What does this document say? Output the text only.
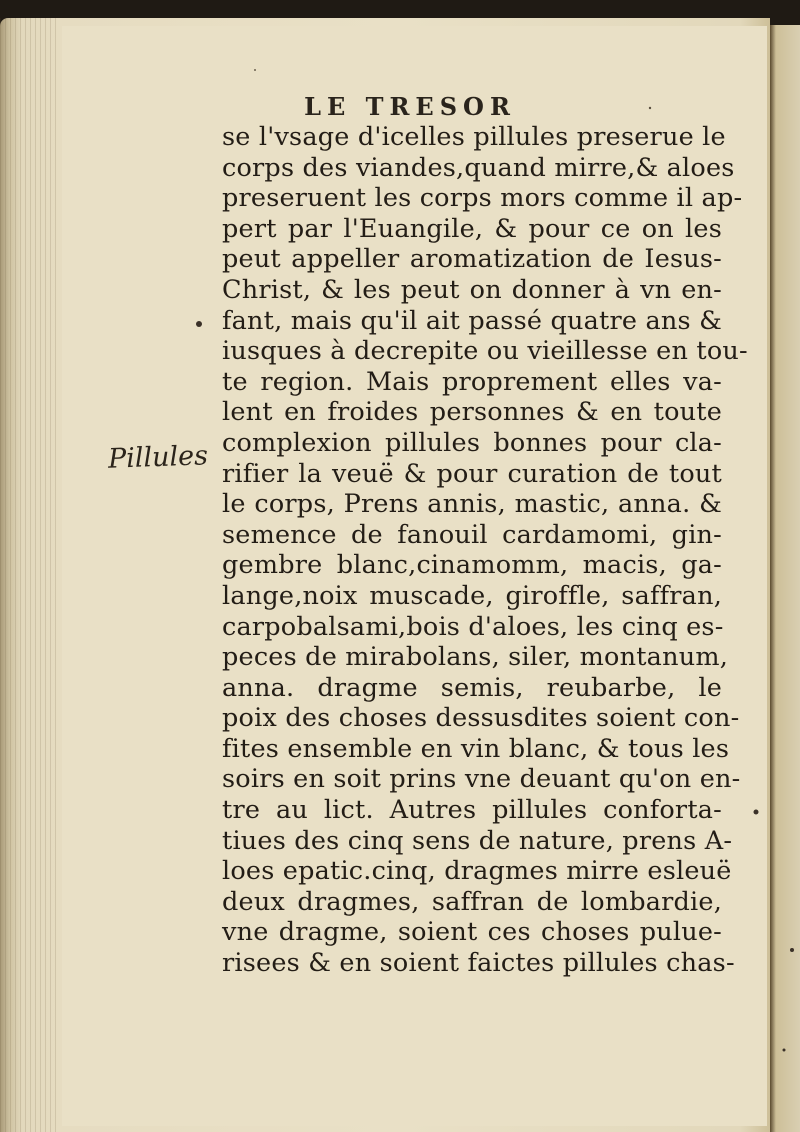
LE TRESOR
Pillules
se l'vsage d'icelles pillules preserue le
corps des viandes,quand mirre,& aloes
preseruent les corps mors comme il ap-
pert par l'Euangile, & pour ce on les
peut appeller aromatization de Iesus-
Christ, & les peut on donner à vn en-
fant, mais qu'il ait passé quatre ans &
iusques à decrepite ou vieillesse en tou-
te region. Mais proprement elles va-
lent en froides personnes & en toute
complexion pillules bonnes pour cla-
rifier la veuë & pour curation de tout
le corps, Prens annis, mastic, anna. &
semence de fanouil cardamomi, gin-
gembre blanc,cinamomm, macis, ga-
lange,noix muscade, giroffle, saffran,
carpobalsami,bois d'aloes, les cinq es-
peces de mirabolans, siler, montanum,
anna. dragme semis, reubarbe, le
poix des choses dessusdites soient con-
fites ensemble en vin blanc, & tous les
soirs en soit prins vne deuant qu'on en-
tre au lict. Autres pillules conforta-
tiues des cinq sens de nature, prens A-
loes epatic.cinq, dragmes mirre esleuë
deux dragmes, saffran de lombardie,
vne dragme, soient ces choses pulue-
risees & en soient faictes pillules chas-
